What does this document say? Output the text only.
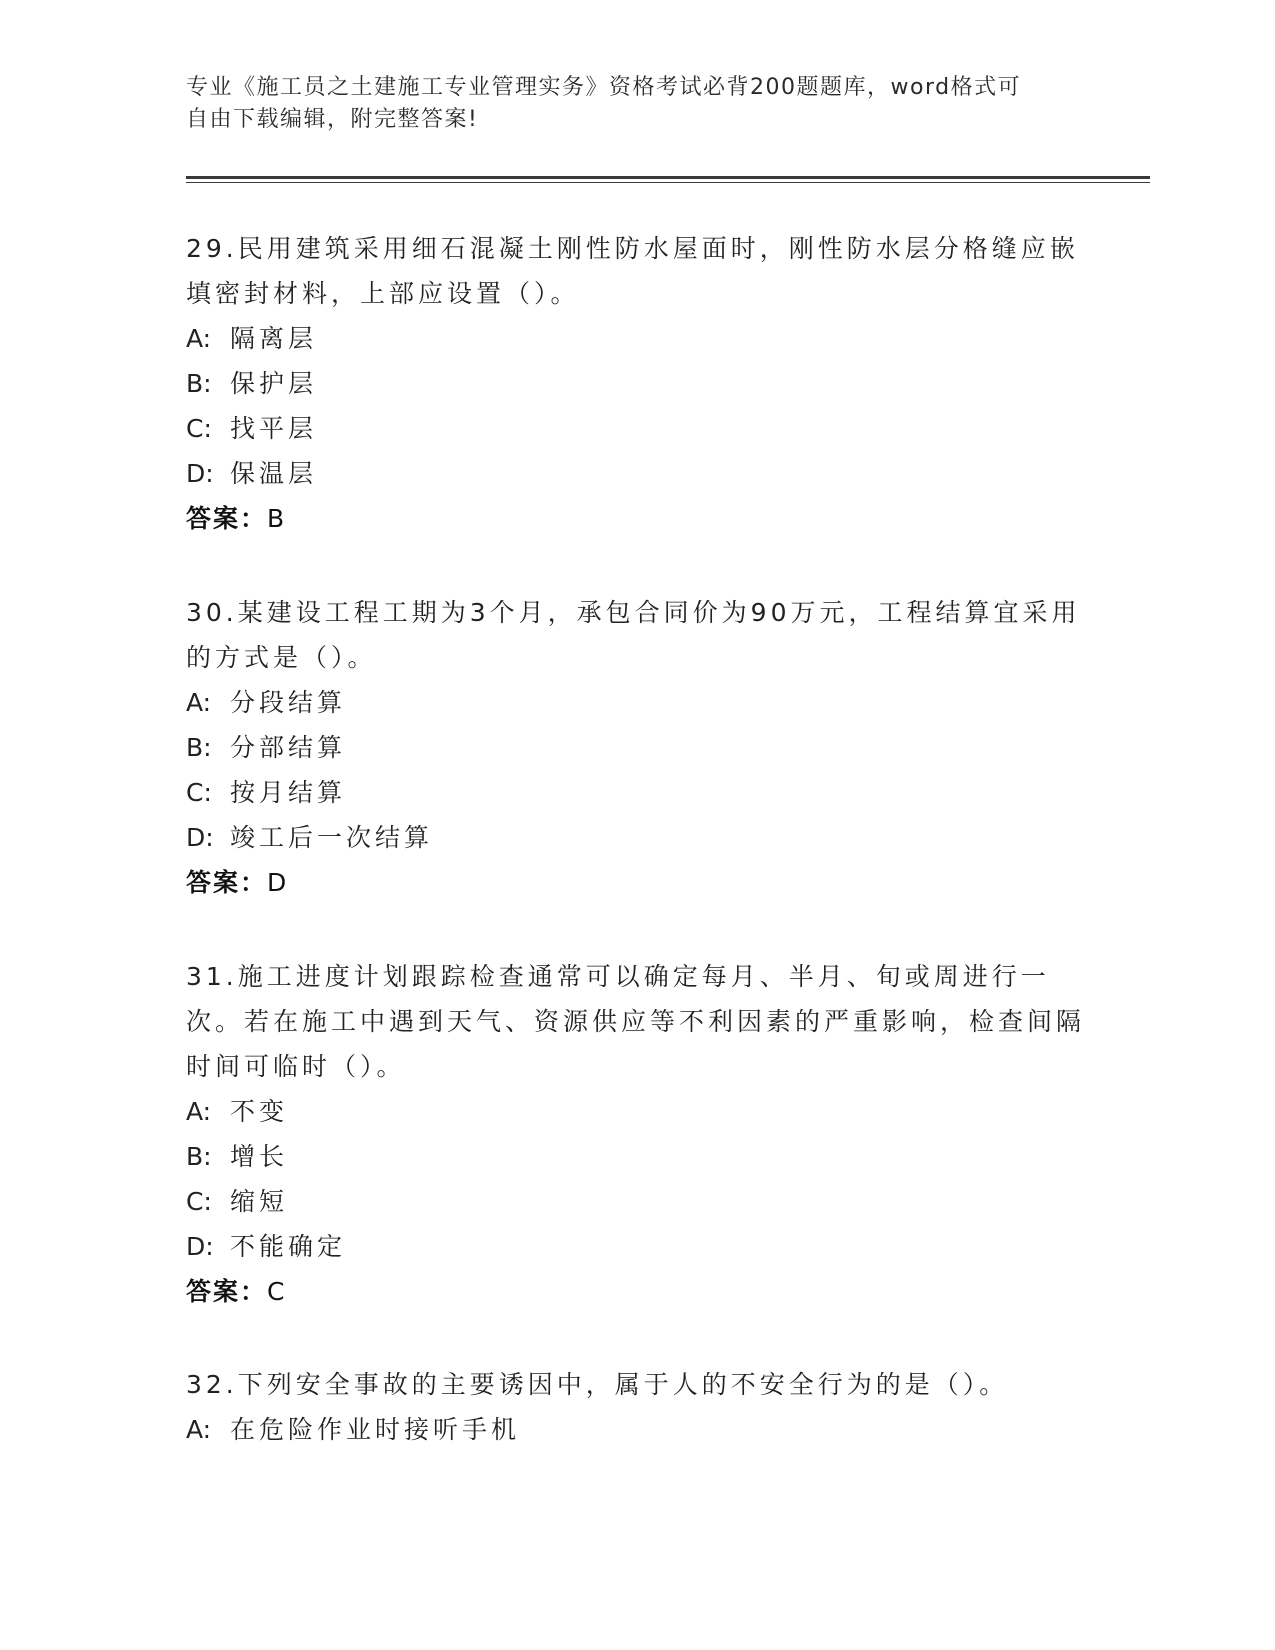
专业《施工员之土建施工专业管理实务》资格考试必背200题题库，word格式可
自由下载编辑，附完整答案!

29.民用建筑采用细石混凝土刚性防水屋面时，刚性防水层分格缝应嵌填密封材料，上部应设置（）。

A: 隔离层

B: 保护层

C: 找平层

D: 保温层

答案：B

30.某建设工程工期为3个月，承包合同价为90万元，工程结算宜采用的方式是（）。

A: 分段结算

B: 分部结算

C: 按月结算

D: 竣工后一次结算

答案：D

31.施工进度计划跟踪检查通常可以确定每月、半月、旬或周进行一次。若在施工中遇到天气、资源供应等不利因素的严重影响，检查间隔时间可临时（）。

A: 不变

B: 增长

C: 缩短

D: 不能确定

答案：C

32.下列安全事故的主要诱因中，属于人的不安全行为的是（）。

A: 在危险作业时接听手机
